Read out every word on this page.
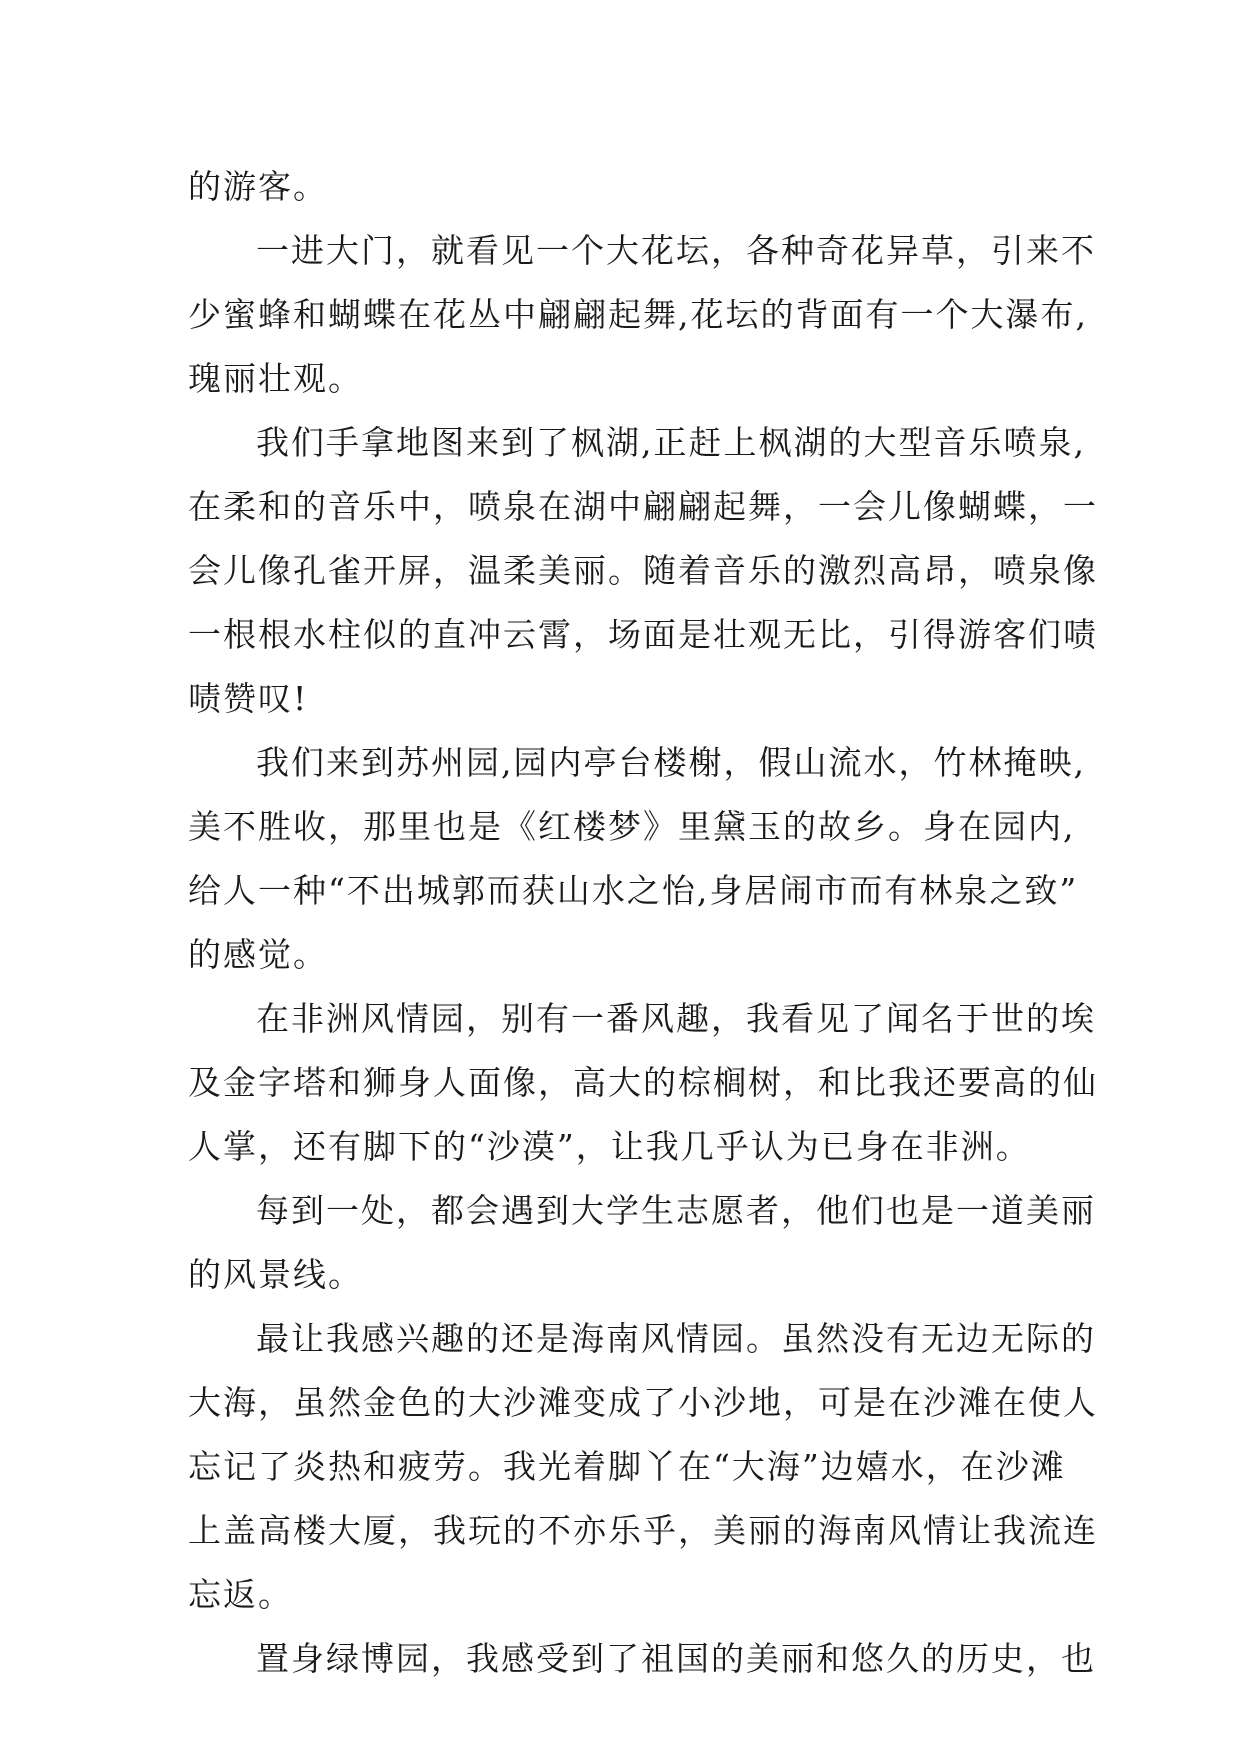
的游客。
一进大门，就看见一个大花坛，各种奇花异草，引来不
少蜜蜂和蝴蝶在花丛中翩翩起舞,花坛的背面有一个大瀑布,
瑰丽壮观。
我们手拿地图来到了枫湖,正赶上枫湖的大型音乐喷泉,
在柔和的音乐中，喷泉在湖中翩翩起舞，一会儿像蝴蝶，一
会儿像孔雀开屏，温柔美丽。随着音乐的激烈高昂，喷泉像
一根根水柱似的直冲云霄，场面是壮观无比，引得游客们啧
啧赞叹!
我们来到苏州园,园内亭台楼榭，假山流水，竹林掩映,
美不胜收，那里也是《红楼梦》里黛玉的故乡。身在园内,
给人一种“不出城郭而获山水之怡,身居闹市而有林泉之致”
的感觉。
在非洲风情园，别有一番风趣，我看见了闻名于世的埃
及金字塔和狮身人面像，高大的棕榈树，和比我还要高的仙
人掌，还有脚下的“沙漠”，让我几乎认为已身在非洲。
每到一处，都会遇到大学生志愿者，他们也是一道美丽
的风景线。
最让我感兴趣的还是海南风情园。虽然没有无边无际的
大海，虽然金色的大沙滩变成了小沙地，可是在沙滩在使人
忘记了炎热和疲劳。我光着脚丫在“大海”边嬉水，在沙滩
上盖高楼大厦，我玩的不亦乐乎，美丽的海南风情让我流连
忘返。
置身绿博园，我感受到了祖国的美丽和悠久的历史，也
